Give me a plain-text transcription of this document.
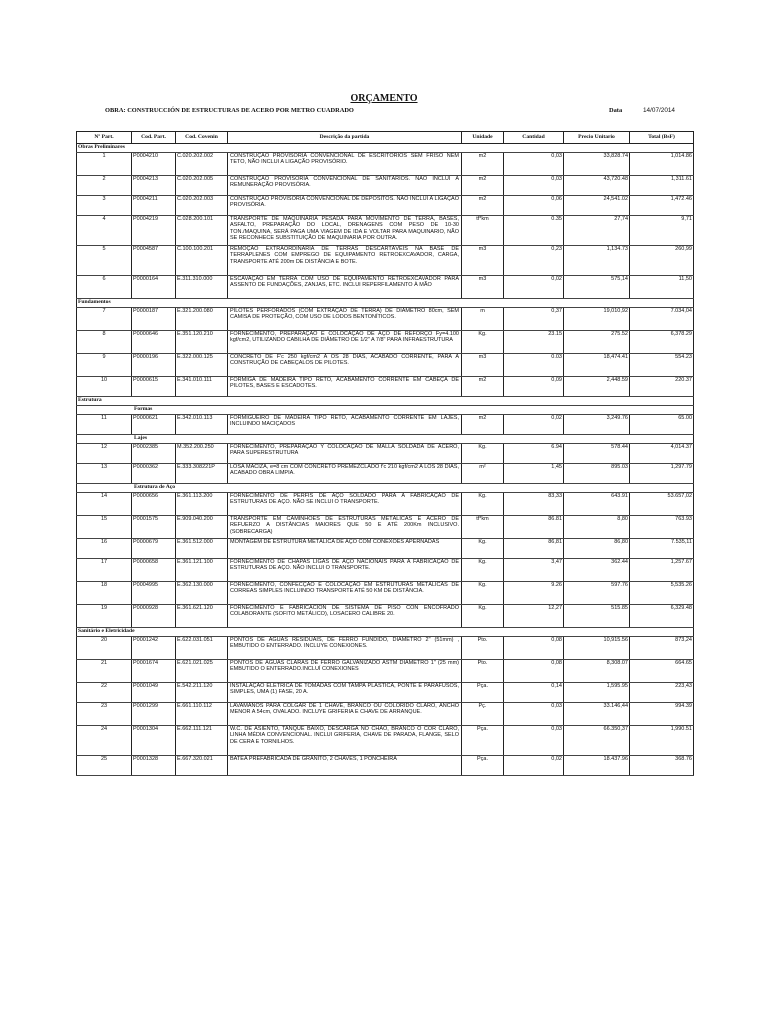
ORÇAMENTO
OBRA: CONSTRUCCIÓN DE ESTRUCTURAS DE ACERO POR METRO CUADRADO	Data	14/07/2014
Nº Part.	Cod. Part.	Cod. Covenin	Descrição da partida	Unidade	Cantidad	Precio Unitario	Total (BsF)
Obras Preliminares							
1	P0004210	C.020.202.002	CONSTRUÇÃO PROVISÓRIA CONVENCIONAL DE ESCRITÓRIOS SEM FRISO NEM TETO, NÃO INCLUI A LIGAÇÃO PROVISÓRIO.	m2	0,03	33,828.74	1,014.86
2	P0004213	C.020.202.005	CONSTRUÇÃO PROVISÓRIA CONVENCIONAL DE SANITÁRIOS. NÃO INCLUI A REMUNERAÇÃO PROVISÓRIA.	m2	0,03	43,720.48	1,311.61
3	P0004211	C.020.202.003	CONSTRUÇÃO PROVISÓRIA CONVENCIONAL DE DEPÓSITOS. NÃO INCLUI A LIGAÇÃO PROVISÓRIA.	m2	0,06	24,541.02	1,472.46
4	P0004219	C.028.200.101	TRANSPORTE DE MAQUINARIA PESADA PARA MOVIMENTO DE TERRA, BASES, ASFALTO, PREPARAÇÃO DO LOCAL, DRENAGENS COM PESO DE 10-30 TON./MAQUINA, SERÁ PAGA UMA VIAGEM DE IDA E VOLTAR PARA MAQUINARIO, NÃO SE RECONHECE SUBSTITUIÇÃO DE MAQUINARIA POR OUTRA.	tf*km	0.35	27,74	9,71
5	P0004587	C.100.100.201	REMOÇÃO EXTRAORDINÁRIA DE TERRAS DESCARTÁVEIS NA BASE DE TERRAPLENES COM EMPREGO DE EQUIPAMENTO RETROEXCAVADOR, CARGA, TRANSPORTE ATÉ 200m DE DISTÂNCIA E BOTE.	m3	0,23	1,134.73	260,99
6	P0000164	E.311.310.000	ESCAVAÇÃO EM TERRA COM USO DE EQUIPAMENTO RETROEXCAVADOR PARA ASSENTO DE FUNDAÇÕES, ZANJAS, ETC. INCLUI REPERFILAMENTO À MÃO	m3	0,02	575,14	11,50
Fundamentos							
7	P0000187	E.321.200.080	PILOTES PERFORADOS (COM EXTRAÇÃO DE TERRA) DE DIÂMETRO 80cm, SEM CAMISA DE PROTEÇÃO, COM USO DE LODOS BENTONÍTICOS.	m	0,37	19,010,92	7.034,04
8	P0000646	E.351.120.210	FORNECIMENTO, PREPARAÇÃO E COLOCAÇÃO DE AÇO DE REFORÇO Fy=4.100 kgf/cm2, UTILIZANDO CABILHA DE DIÂMETRO DE 1/2" A 7/8" PARA INFRAESTRUTURA	Kg.	23.15	275.52	6,378.29
9	P0000196	E.322.000.125	CONCRETO DE F'c 250 kgf/cm2 A OS 28 DIAS, ACABADO CORRENTE, PARA A CONSTRUÇÃO DE CABEÇALOS DE PILOTES.	m3	0.03	18,474.41	554.23
10	P0000615	E.341.010.111	FORMIGA DE MADEIRA TIPO RETO, ACABAMENTO CORRENTE EM CABEÇA DE PILOTES, BASES E ESCADOTES.	m2	0,09	2,448.59	220.37
Estrutura							
Formas							
11	P0000621	E.342.010.113	FORMIGUEIRO DE MADEIRA TIPO RETO, ACABAMENTO CORRENTE EM LAJES, INCLUINDO MACIÇADOS	m2	0,02	3,249.76	65.00
Lajes							
12	P0002385	M.352.200.250	FORNECIMENTO, PREPARAÇÃO Y COLOCAÇÃO DE MALLA SOLDADA DE ACERO, PARA SUPERESTRUTURA	Kg.	6.94	578.44	4,014.37
13	P0000362	E.333.308221P	LOSA MACIZA, e=8 cm COM CONCRETO PREMEZCLADO f'c 210 kgf/cm2 A LOS 28 DIAS, ACABADO OBRA LIMPIA.	m²	1,45	895.03	1,297.79
Estrutura de Aço							
14	P0000656	E.361.113.200	FORNECIMENTO DE PERFIS DE AÇO SOLDADO PARA A FABRICAÇÃO DE ESTRUTURAS DE AÇO. NÃO SE INCLUI O TRANSPORTE.	Kg.	83,33	643.91	53.657,02
15	P0001575	E.909.040.200	TRANSPORTE EM CAMINHÕES DE ESTRUTURAS METÁLICAS E ACERO DE REFUERZO A DISTÂNCIAS MAIORES QUE 50 E ATÉ 200Km INCLUSIVO. (SOBRECARGA)	tf*km	86.81	8,80	763.93
16	P0000679	E.361.512.000	MONTAGEM DE ESTRUTURA METÁLICA DE AÇO COM CONEXÕES APERNADAS	Kg.	86,81	86,80	7.535,11
17	P0000658	E.361.121.100	FORNECIMENTO DE CHAPAS LIGAS DE AÇO NACIONAIS PARA A FABRICAÇÃO DE ESTRUTURAS DE AÇO. NÃO INCLUI O TRANSPORTE.	Kg.	3,47	362.44	1,257.67
18	P0004995	E.362.130.000	FORNECIMENTO, CONFECÇÃO E COLOCAÇÃO EM ESTRUTURAS METÁLICAS DE CORREAS SIMPLES INCLUINDO TRANSPORTE ATÉ 50 KM DE DISTÂNCIA.	Kg.	9.26	597.76	5,535.26
19	P0000928	E.361.621.120	FORNECIMENTO E FABRICACION DE SISTEMA DE PISO CON ENCOFRADO COLABORANTE (SOFITO METÁLICO), LOSACERO CALIBRE 20.	Kg.	12,27	515.85	6,329.48
Sanitário e Eletricidade							
20	P0001242	E.622.031.051	PONTOS DE ÁGUAS RESIDUAIS, DE FERRO FUNDIDO, DIÂMETRO 2" (51mm) , EMBUTIDO O ENTERRADO. INCLUYE CONEXIONES.	Pto.	0,08	10,915.56	873,24
21	P0001674	E.621.021.025	PONTOS DE ÁGUAS CLARAS DE FERRO GALVANIZADO ASTM DIÂMETRO 1" (25 mm) EMBUTIDO O ENTERRADO.INCLUÍ CONEXIONES	Pto.	0,08	8,308.07	664.65
22	P0001049	E.542.211.120	INSTALAÇÃO ELÉTRICA DE TOMADAS COM TAMPA PLÁSTICA, PONTE E PARAFUSOS, SIMPLES, UMA (1) FASE, 20 A.	Pça.	0,14	1,595.95	223,43
23	P0001299	E.661.110.112	LAVAMANOS PARA COLGAR DE 1 CHAVE, BRANCO OU COLORIDO CLARO, ANCHO MENOR A 54cm, OVALADO. INCLUYE GRIFERIA E CHAVE DE ARRANQUE.	Pç.	0,03	33.146,44	994.39
24	P0001304	E.662.111.121	W.C. DE ASIENTO, TANQUE BAIXO, DESCARGA NO CHÃO, BRANCO O COR CLARO, LINHA MÉDIA CONVENCIONAL. INCLUI GRIFERIA, CHAVE DE PARADA, FLANGE, SELO DE CERA E TORNILHOS.	Pça.	0,03	66.350,37	1,990.51
25	P0001328	E.667.320.021	BATEA PREFABRICADA DE GRANITO, 2 CHAVES, 1 PONCHEIRA	Pça.	0,02	18.437.96	368.76
